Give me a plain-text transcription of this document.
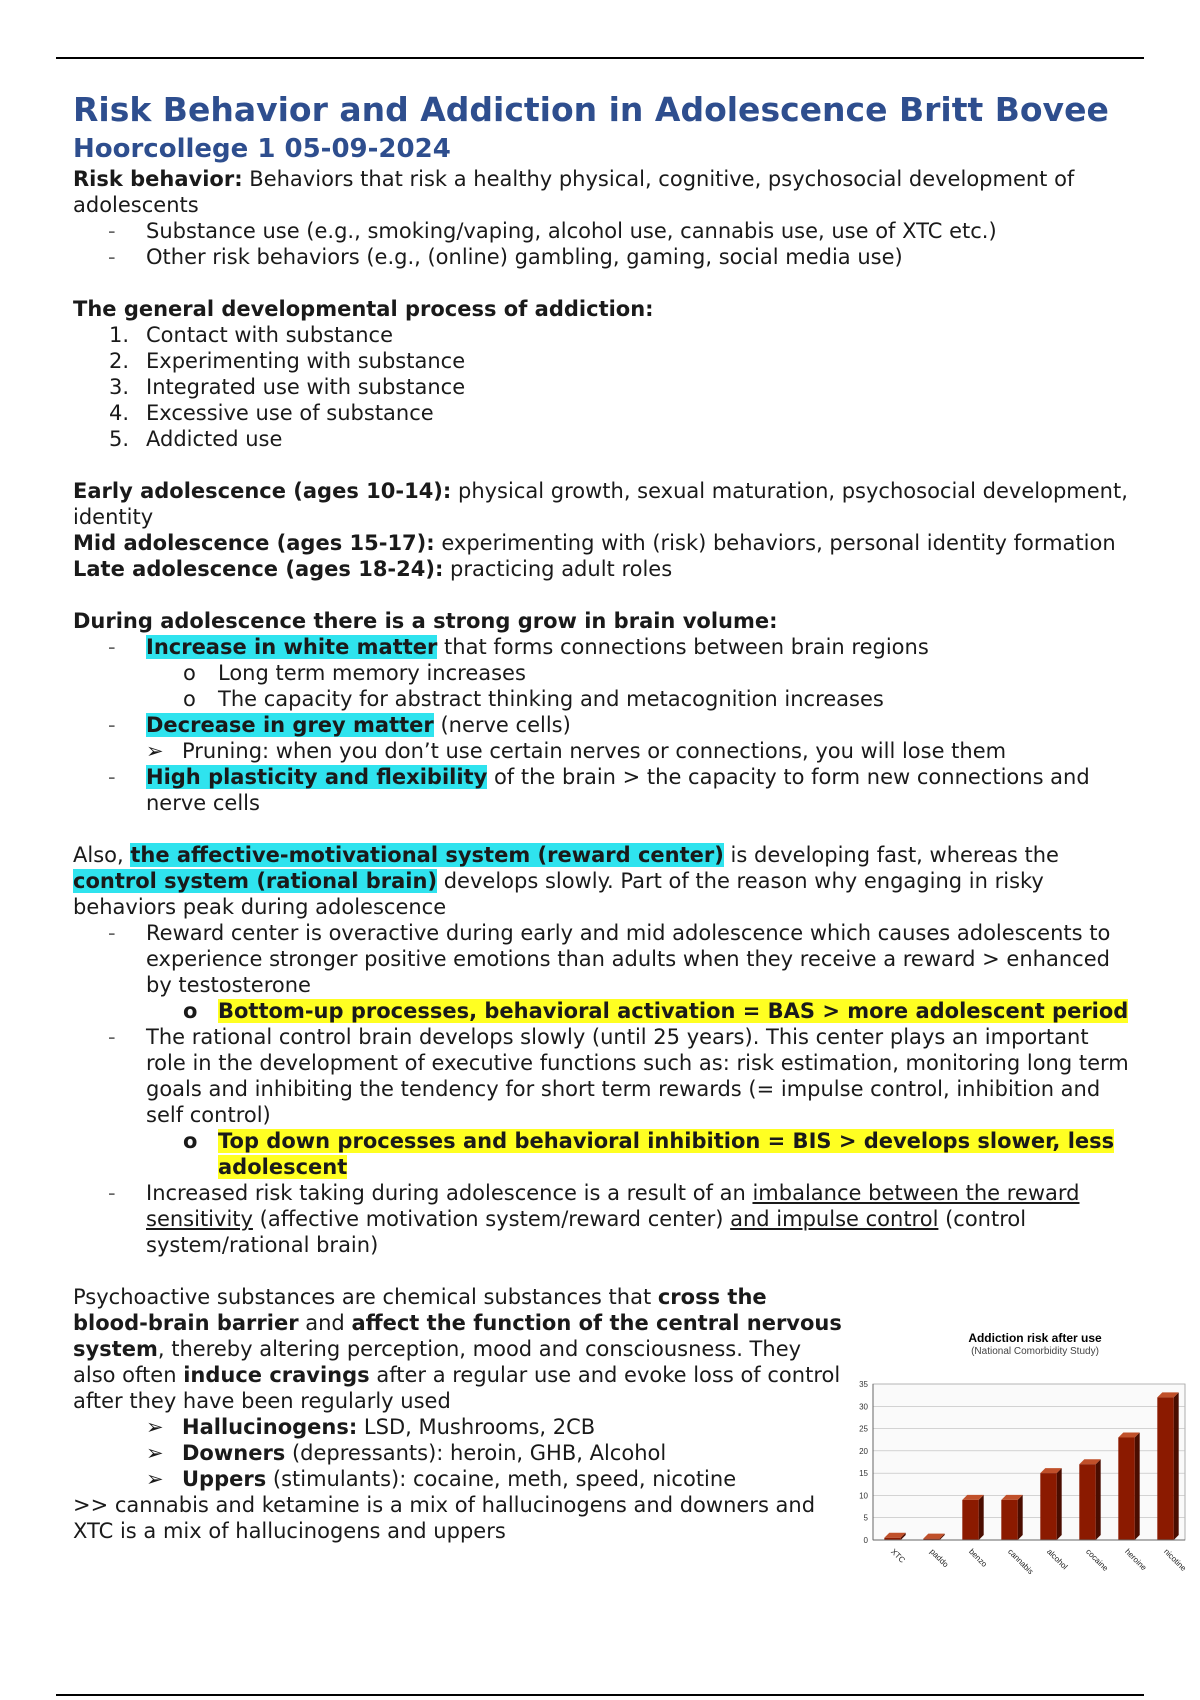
Risk Behavior and Addiction in Adolescence Britt Bovee
Hoorcollege 1 05-09-2024

Risk behavior: Behaviors that risk a healthy physical, cognitive, psychosocial development of adolescents

- Substance use (e.g., smoking/vaping, alcohol use, cannabis use, use of XTC etc.)
- Other risk behaviors (e.g., (online) gambling, gaming, social media use)

The general developmental process of addiction:

1. Contact with substance
2. Experimenting with substance
3. Integrated use with substance
4. Excessive use of substance
5. Addicted use

Early adolescence (ages 10-14): physical growth, sexual maturation, psychosocial development, identity

Mid adolescence (ages 15-17): experimenting with (risk) behaviors, personal identity formation

Late adolescence (ages 18-24): practicing adult roles

During adolescence there is a strong grow in brain volume:

- Increase in white matter that forms connections between brain regions
o Long term memory increases
o The capacity for abstract thinking and metacognition increases
- Decrease in grey matter (nerve cells)
➢ Pruning: when you don’t use certain nerves or connections, you will lose them
- High plasticity and flexibility of the brain > the capacity to form new connections and nerve cells

Also, the affective-motivational system (reward center) is developing fast, whereas the control system (rational brain) develops slowly. Part of the reason why engaging in risky behaviors peak during adolescence

- Reward center is overactive during early and mid adolescence which causes adolescents to experience stronger positive emotions than adults when they receive a reward > enhanced by testosterone
o Bottom-up processes, behavioral activation = BAS > more adolescent period
- The rational control brain develops slowly (until 25 years). This center plays an important role in the development of executive functions such as: risk estimation, monitoring long term goals and inhibiting the tendency for short term rewards (= impulse control, inhibition and self control)
o Top down processes and behavioral inhibition = BIS > develops slower, less adolescent
- Increased risk taking during adolescence is a result of an imbalance between the reward sensitivity (affective motivation system/reward center) and impulse control (control system/rational brain)

Psychoactive substances are chemical substances that cross the blood-brain barrier and affect the function of the central nervous system, thereby altering perception, mood and consciousness. They also often induce cravings after a regular use and evoke loss of control after they have been regularly used

➢ Hallucinogens: LSD, Mushrooms, 2CB
➢ Downers (depressants): heroin, GHB, Alcohol
➢ Uppers (stimulants): cocaine, meth, speed, nicotine

>> cannabis and ketamine is a mix of hallucinogens and downers and XTC is a mix of hallucinogens and uppers

Addiction risk after use
(National Comorbidity Study)
0
5
10
15
20
25
30
35
XTC	paddo benzo cannabis alcohol cocaine heroine nicotine
